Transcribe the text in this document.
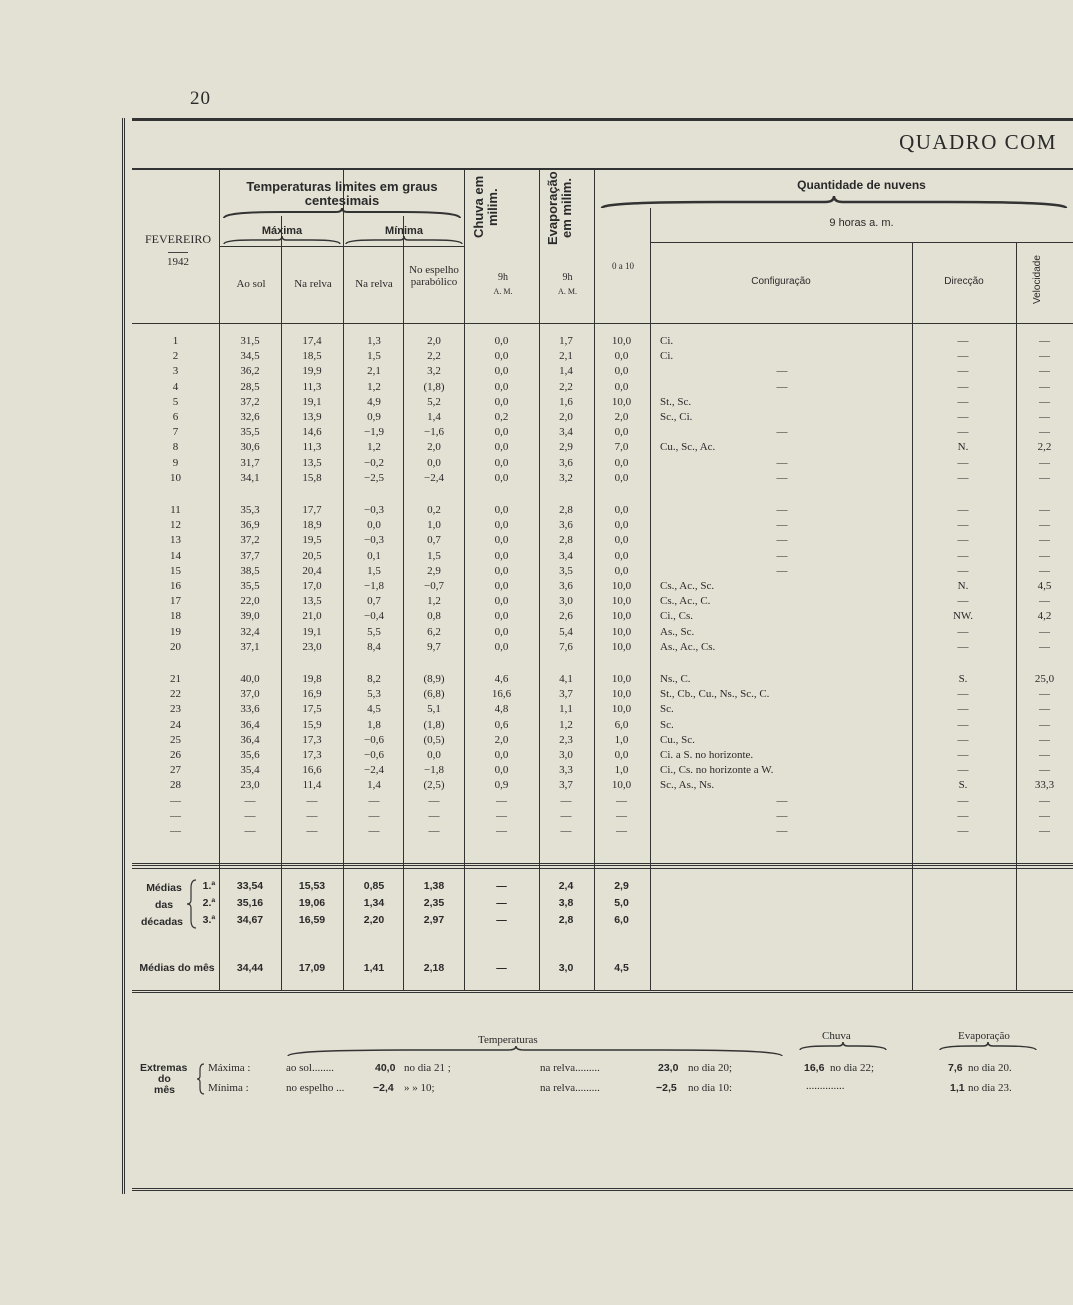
20
QUADRO COM
FEVEREIRO
1942
Temperaturas limites em graus centesimais
Máxima	Mínima
Ao sol	Na relva	Na relva
No espelho parabólico
Chuva em milim.	Evaporação em milim.
9h
A. M.
9h
A. M.
Quantidade de nuvens
9 horas a. m.
0 a 10
Configuração	Direcção	Velocidade
1	31,5	17,4	1,3	2,0	0,0	1,7	10,0	Ci.	—	—
2	34,5	18,5	1,5	2,2	0,0	2,1	0,0	Ci.	—	—
3	36,2	19,9	2,1	3,2	0,0	1,4	0,0	—	—	—
4	28,5	11,3	1,2	(1,8)	0,0	2,2	0,0	—	—	—
5	37,2	19,1	4,9	5,2	0,0	1,6	10,0	St., Sc.	—	—
6	32,6	13,9	0,9	1,4	0,2	2,0	2,0	Sc., Ci.	—	—
7	35,5	14,6	−1,9	−1,6	0,0	3,4	0,0	—	—	—
8	30,6	11,3	1,2	2,0	0,0	2,9	7,0	Cu., Sc., Ac.	N.	2,2
9	31,7	13,5	−0,2	0,0	0,0	3,6	0,0	—	—	—
10	34,1	15,8	−2,5	−2,4	0,0	3,2	0,0	—	—	—
11	35,3	17,7	−0,3	0,2	0,0	2,8	0,0	—	—	—
12	36,9	18,9	0,0	1,0	0,0	3,6	0,0	—	—	—
13	37,2	19,5	−0,3	0,7	0,0	2,8	0,0	—	—	—
14	37,7	20,5	0,1	1,5	0,0	3,4	0,0	—	—	—
15	38,5	20,4	1,5	2,9	0,0	3,5	0,0	—	—	—
16	35,5	17,0	−1,8	−0,7	0,0	3,6	10,0	Cs., Ac., Sc.	N.	4,5
17	22,0	13,5	0,7	1,2	0,0	3,0	10,0	Cs., Ac., C.	—	—
18	39,0	21,0	−0,4	0,8	0,0	2,6	10,0	Ci., Cs.	NW.	4,2
19	32,4	19,1	5,5	6,2	0,0	5,4	10,0	As., Sc.	—	—
20	37,1	23,0	8,4	9,7	0,0	7,6	10,0	As., Ac., Cs.	—	—
21	40,0	19,8	8,2	(8,9)	4,6	4,1	10,0	Ns., C.	S.	25,0
22	37,0	16,9	5,3	(6,8)	16,6	3,7	10,0	St., Cb., Cu., Ns., Sc., C.	—	—
23	33,6	17,5	4,5	5,1	4,8	1,1	10,0	Sc.	—	—
24	36,4	15,9	1,8	(1,8)	0,6	1,2	6,0	Sc.	—	—
25	36,4	17,3	−0,6	(0,5)	2,0	2,3	1,0	Cu., Sc.	—	—
26	35,6	17,3	−0,6	0,0	0,0	3,0	0,0	Ci. a S. no horizonte.	—	—
27	35,4	16,6	−2,4	−1,8	0,0	3,3	1,0	Ci., Cs. no horizonte a W.	—	—
28	23,0	11,4	1,4	(2,5)	0,9	3,7	10,0	Sc., As., Ns.	S.	33,3
—	—	—	—	—	—	—	—	—	—	—
—	—	—	—	—	—	—	—	—	—	—
—	—	—	—	—	—	—	—	—	—	—
Médias
das
décadas
1.ª	33,54	15,53	0,85	1,38	—	2,4	2,9
2.ª	35,16	19,06	1,34	2,35	—	3,8	5,0
3.ª	34,67	16,59	2,20	2,97	—	2,8	6,0
Médias do mês	34,44	17,09	1,41	2,18	—	3,0	4,5
Temperaturas	Chuva	Evaporação
Extremas
do
mês
Máxima :
Mínima :
ao sol........	40,0 no dia 21 ;	na relva.........	23,0 no dia 20;	16,6 no dia 22;	7,6 no dia 20.
no espelho ...	−2,4 » » 10;	na relva.........	−2,5 no dia 10:	..............	1,1 no dia 23.
